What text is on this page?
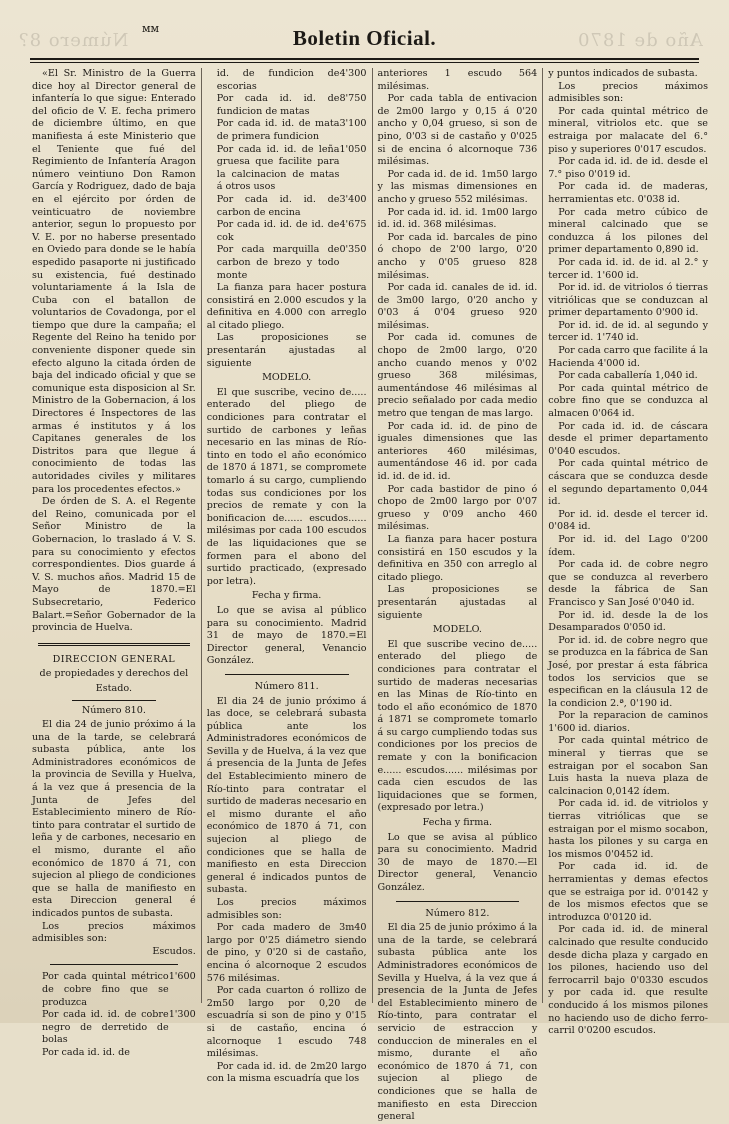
Número 8?	Año de 1870
ᴍᴍ	Boletin Oficial.

«El Sr. Ministro de la Guerra dice hoy al Director general de infantería lo que sigue: Enterado del oficio de V. E. fecha primero de diciembre último, en que manifiesta á este Ministerio que el Teniente que fué del Regimiento de Infantería Aragon número veintiuno Don Ramon García y Rodriguez, dado de baja en el ejército por órden de veinticuatro de noviembre anterior, segun lo propuesto por V. E. por no haberse presentado en Oviedo para donde se le había espedido pasaporte ni justificado su existencia, fué destinado voluntariamente á la Isla de Cuba con el batallon de voluntarios de Covadonga, por el tiempo que dure la campaña; el Regente del Reino ha tenido por conveniente disponer quede sin efecto alguno la citada órden de baja del indicado oficial y que se comunique esta disposicion al Sr. Ministro de la Gobernacion, á los Directores é Inspectores de las armas é institutos y á los Capitanes generales de los Distritos para que llegue á conocimiento de todas las autoridades civiles y militares para los procedentes efectos.»

De órden de S. A. el Regente del Reino, comunicada por el Señor Ministro de la Gobernacion, lo traslado á V. S. para su conocimiento y efectos correspondientes. Dios guarde á V. S. muchos años. Madrid 15 de Mayo de 1870.=El Subsecretario, Federico Balart.=Señor Gobernador de la provincia de Huelva.

DIRECCION GENERAL

de propiedades y derechos del

Estado.

Número 810.

El dia 24 de junio próximo á la una de la tarde, se celebrará subasta pública, ante los Administradores económicos de la provincia de Sevilla y Huelva, á la vez que á presencia de la Junta de Jefes del Establecimiento minero de Río-tinto para contratar el surtido de leña y de carbones, necesario en el mismo, durante el año económico de 1870 á 71, con sujecion al pliego de condiciones que se halla de manifiesto en esta Direccion general é indicados puntos de subasta.

Los precios máximos admisibles son:

Escudos.

Por cada quintal métrico de cobre fino que se produzca
1'600
Por cada id. id. de cobre negro de derretido de bolas
1'300
Por cada id. id. de
id. de fundicion de escorias
4'300
Por cada id. id. de fundicion de matas
8'750
Por cada id. id. de mata de primera fundicion
3'100
Por cada id. id. de leña gruesa que facilite para la calcinacion de matas á otros usos
1'050
Por cada id. id. de carbon de encina
3'400
Por cada id. id. de id. de cok
4'675
Por cada marquilla de carbon de brezo y todo monte
0'350

La fianza para hacer postura consistirá en 2.000 escudos y la definitiva en 4.000 con arreglo al citado pliego.

Las proposiciones se presentarán ajustadas al siguiente

MODELO.

El que suscribe, vecino de..... enterado del pliego de condiciones para contratar el surtido de carbones y leñas necesario en las minas de Río-tinto en todo el año económico de 1870 á 1871, se compromete tomarlo á su cargo, cumpliendo todas sus condiciones por los precios de remate y con la bonificacion de...... escudos...... milésimas por cada 100 escudos de las liquidaciones que se formen para el abono del surtido practicado, (expresado por letra).

Fecha y firma.

Lo que se avisa al público para su conocimiento. Madrid 31 de mayo de 1870.=El Director general, Venancio González.

Número 811.

El dia 24 de junio próximo á las doce, se celebrará subasta pública ante los Administradores económicos de Sevilla y de Huelva, á la vez que á presencia de la Junta de Jefes del Establecimiento minero de Río-tinto para contratar el surtido de maderas necesario en el mismo durante el año económico de 1870 á 71, con sujecion al pliego de condiciones que se halla de manifiesto en esta Direccion general é indicados puntos de subasta.

Los precios máximos admisibles son:

Por cada madero de 3m40 largo por 0'25 diámetro siendo de pino, y 0'20 si de castaño, encina ó alcornoque 2 escudos 576 milésimas.

Por cada cuarton ó rollizo de 2m50 largo por 0,20 de escuadría si son de pino y 0'15 si de castaño, encina ó alcornoque 1 escudo 748 milésimas.

Por cada id. id. de 2m20 largo con la misma escuadría que los

anteriores 1 escudo 564 milésimas.

Por cada tabla de entivacion de 2m00 largo y 0,15 á 0'20 ancho y 0,04 grueso, si son de pino, 0'03 si de castaño y 0'025 si de encina ó alcornoque 736 milésimas.

Por cada id. de id. 1m50 largo y las mismas dimensiones en ancho y grueso 552 milésimas.

Por cada id. id. id. 1m00 largo id. id. id. 368 milésimas.

Por cada id. barcales de pino ó chopo de 2'00 largo, 0'20 ancho y 0'05 grueso 828 milésimas.

Por cada id. canales de id. id. de 3m00 largo, 0'20 ancho y 0'03 á 0'04 grueso 920 milésimas.

Por cada id. comunes de chopo de 2m00 largo, 0'20 ancho cuando menos y 0'02 grueso 368 milésimas, aumentándose 46 milésimas al precio señalado por cada medio metro que tengan de mas largo.

Por cada id. id. de pino de iguales dimensiones que las anteriores 460 milésimas, aumentándose 46 id. por cada id. id. de id. id.

Por cada bastidor de pino ó chopo de 2m00 largo por 0'07 grueso y 0'09 ancho 460 milésimas.

La fianza para hacer postura consistirá en 150 escudos y la definitiva en 350 con arreglo al citado pliego.

Las proposiciones se presentarán ajustadas al siguiente

MODELO.

El que suscribe vecino de..... enterado del pliego de condiciones para contratar el surtido de maderas necesarias en las Minas de Río-tinto en todo el año económico de 1870 á 1871 se compromete tomarlo á su cargo cumpliendo todas sus condiciones por los precios de remate y con la bonificacion e...... escudos...... milésimas por cada cien escudos de las liquidaciones que se formen, (expresado por letra.)

Fecha y firma.

Lo que se avisa al público para su conocimiento. Madrid 30 de mayo de 1870.—El Director general, Venancio González.

Número 812.

El dia 25 de junio próximo á la una de la tarde, se celebrará subasta pública ante los Administradores económicos de Sevilla y Huelva, á la vez que á presencia de la Junta de Jefes del Establecimiento minero de Río-tinto, para contratar el servicio de estraccion y conduccion de minerales en el mismo, durante el año económico de 1870 á 71, con sujecion al pliego de condiciones que se halla de manifiesto en esta Direccion general

y puntos indicados de subasta.

Los precios máximos admisibles son:

Por cada quintal métrico de mineral, vitriolos etc. que se estraiga por malacate del 6.° piso y superiores 0'017 escudos.

Por cada id. id. de id. desde el 7.° piso 0'019 id.

Por cada id. de maderas, herramientas etc. 0'038 id.

Por cada metro cúbico de mineral calcinado que se conduzca á los pilones del primer departamento 0,890 id.

Por cada id. id. de id. al 2.° y tercer id. 1'600 id.

Por id. id. de vitriolos ó tierras vitriólicas que se conduzcan al primer departamento 0'900 id.

Por id. id. de id. al segundo y tercer id. 1'740 id.

Por cada carro que facilite á la Hacienda 4'000 id.

Por cada caballería 1,040 id.

Por cada quintal métrico de cobre fino que se conduzca al almacen 0'064 id.

Por cada id. id. de cáscara desde el primer departamento 0'040 escudos.

Por cada quintal métrico de cáscara que se conduzca desde el segundo departamento 0,044 id.

Por id. id. desde el tercer id. 0'084 id.

Por id. id. del Lago 0'200 ídem.

Por cada id. de cobre negro que se conduzca al reverbero desde la fábrica de San Francisco y San José 0'040 id.

Por id. id. desde la de los Desamparados 0'050 id.

Por id. id. de cobre negro que se produzca en la fábrica de San José, por prestar á esta fábrica todos los servicios que se especifican en la cláusula 12 de la condicion 2.ª, 0'190 id.

Por la reparacion de caminos 1'600 id. diarios.

Por cada quintal métrico de mineral y tierras que se estraigan por el socabon San Luis hasta la nueva plaza de calcinacion 0,0142 ídem.

Por cada id. id. de vitriolos y tierras vitriólicas que se estraigan por el mismo socabon, hasta los pilones y su carga en los mismos 0'0452 id.

Por cada id. id. de herramientas y demas efectos que se estraiga por id. 0'0142 y de los mismos efectos que se introduzca 0'0120 id.

Por cada id. id. de mineral calcinado que resulte conducido desde dicha plaza y cargado en los pilones, haciendo uso del ferrocarril bajo 0'0330 escudos y por cada id. que resulte conducido á los mismos pilones no haciendo uso de dicho ferro-carril 0'0200 escudos.
